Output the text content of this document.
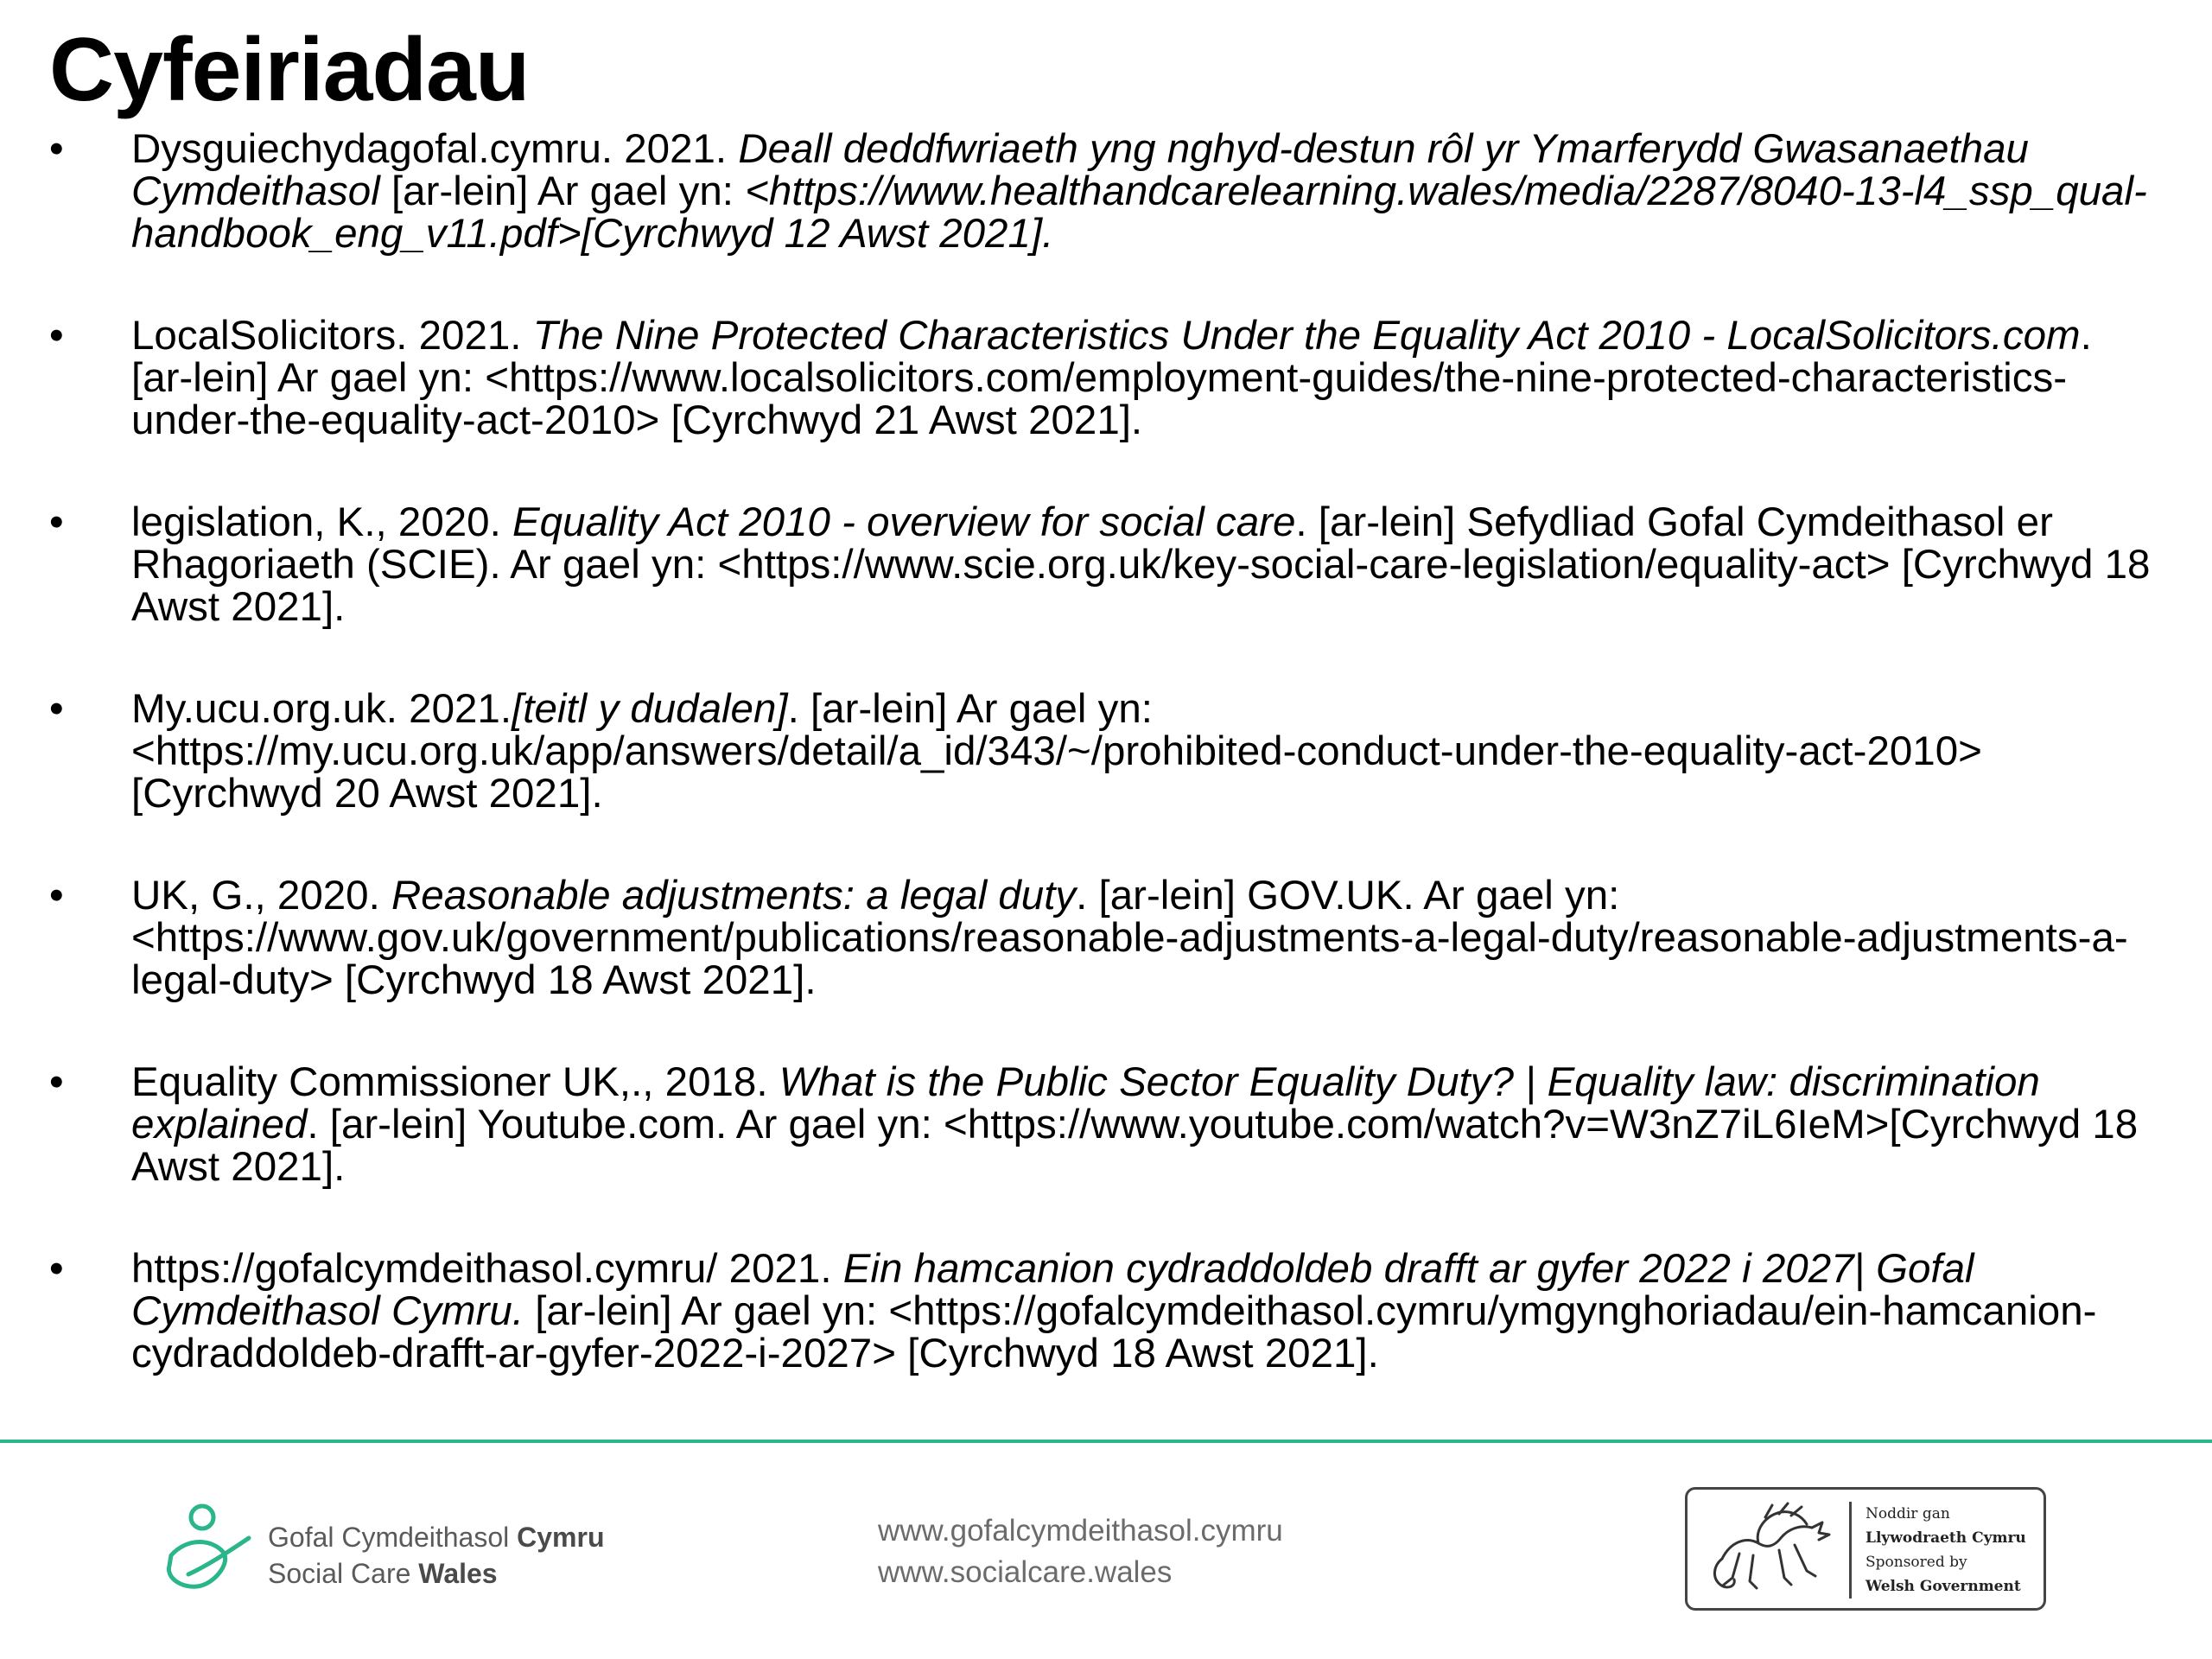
Cyfeiriadau
•	Dysguiechydagofal.cymru. 2021. Deall deddfwriaeth yng nghyd-destun rôl yr Ymarferydd Gwasanaethau Cymdeithasol [ar-lein] Ar gael yn: <https://www.healthandcarelearning.wales/media/2287/8040-13-l4_ssp_qual-handbook_eng_v11.pdf>[Cyrchwyd 12 Awst 2021].
•	LocalSolicitors. 2021. The Nine Protected Characteristics Under the Equality Act 2010 - LocalSolicitors.com. [ar-lein] Ar gael yn: <https://www.localsolicitors.com/employment-guides/the-nine-protected-characteristics-under-the-equality-act-2010> [Cyrchwyd 21 Awst 2021].
•	legislation, K., 2020. Equality Act 2010 - overview for social care. [ar-lein] Sefydliad Gofal Cymdeithasol er Rhagoriaeth (SCIE). Ar gael yn: <https://www.scie.org.uk/key-social-care-legislation/equality-act> [Cyrchwyd 18 Awst 2021].
•	My.ucu.org.uk. 2021.[teitl y dudalen]. [ar-lein] Ar gael yn: <https://my.ucu.org.uk/app/answers/detail/a_id/343/~/prohibited-conduct-under-the-equality-act-2010>[Cyrchwyd 20 Awst 2021].
•	UK, G., 2020. Reasonable adjustments: a legal duty. [ar-lein] GOV.UK. Ar gael yn: <https://www.gov.uk/government/publications/reasonable-adjustments-a-legal-duty/reasonable-adjustments-a-legal-duty> [Cyrchwyd 18 Awst 2021].
•	Equality Commissioner UK,., 2018. What is the Public Sector Equality Duty? | Equality law: discrimination explained. [ar-lein] Youtube.com. Ar gael yn: <https://www.youtube.com/watch?v=W3nZ7iL6IeM>[Cyrchwyd 18 Awst 2021].
•	https://gofalcymdeithasol.cymru/ 2021. Ein hamcanion cydraddoldeb drafft ar gyfer 2022 i 2027| Gofal Cymdeithasol Cymru. [ar-lein] Ar gael yn: <https://gofalcymdeithasol.cymru/ymgynghoriadau/ein-hamcanion-cydraddoldeb-drafft-ar-gyfer-2022-i-2027> [Cyrchwyd 18 Awst 2021].
Gofal Cymdeithasol Cymru
Social Care Wales
www.gofalcymdeithasol.cymru
www.socialcare.wales
Noddir gan
Llywodraeth Cymru
Sponsored by
Welsh Government
